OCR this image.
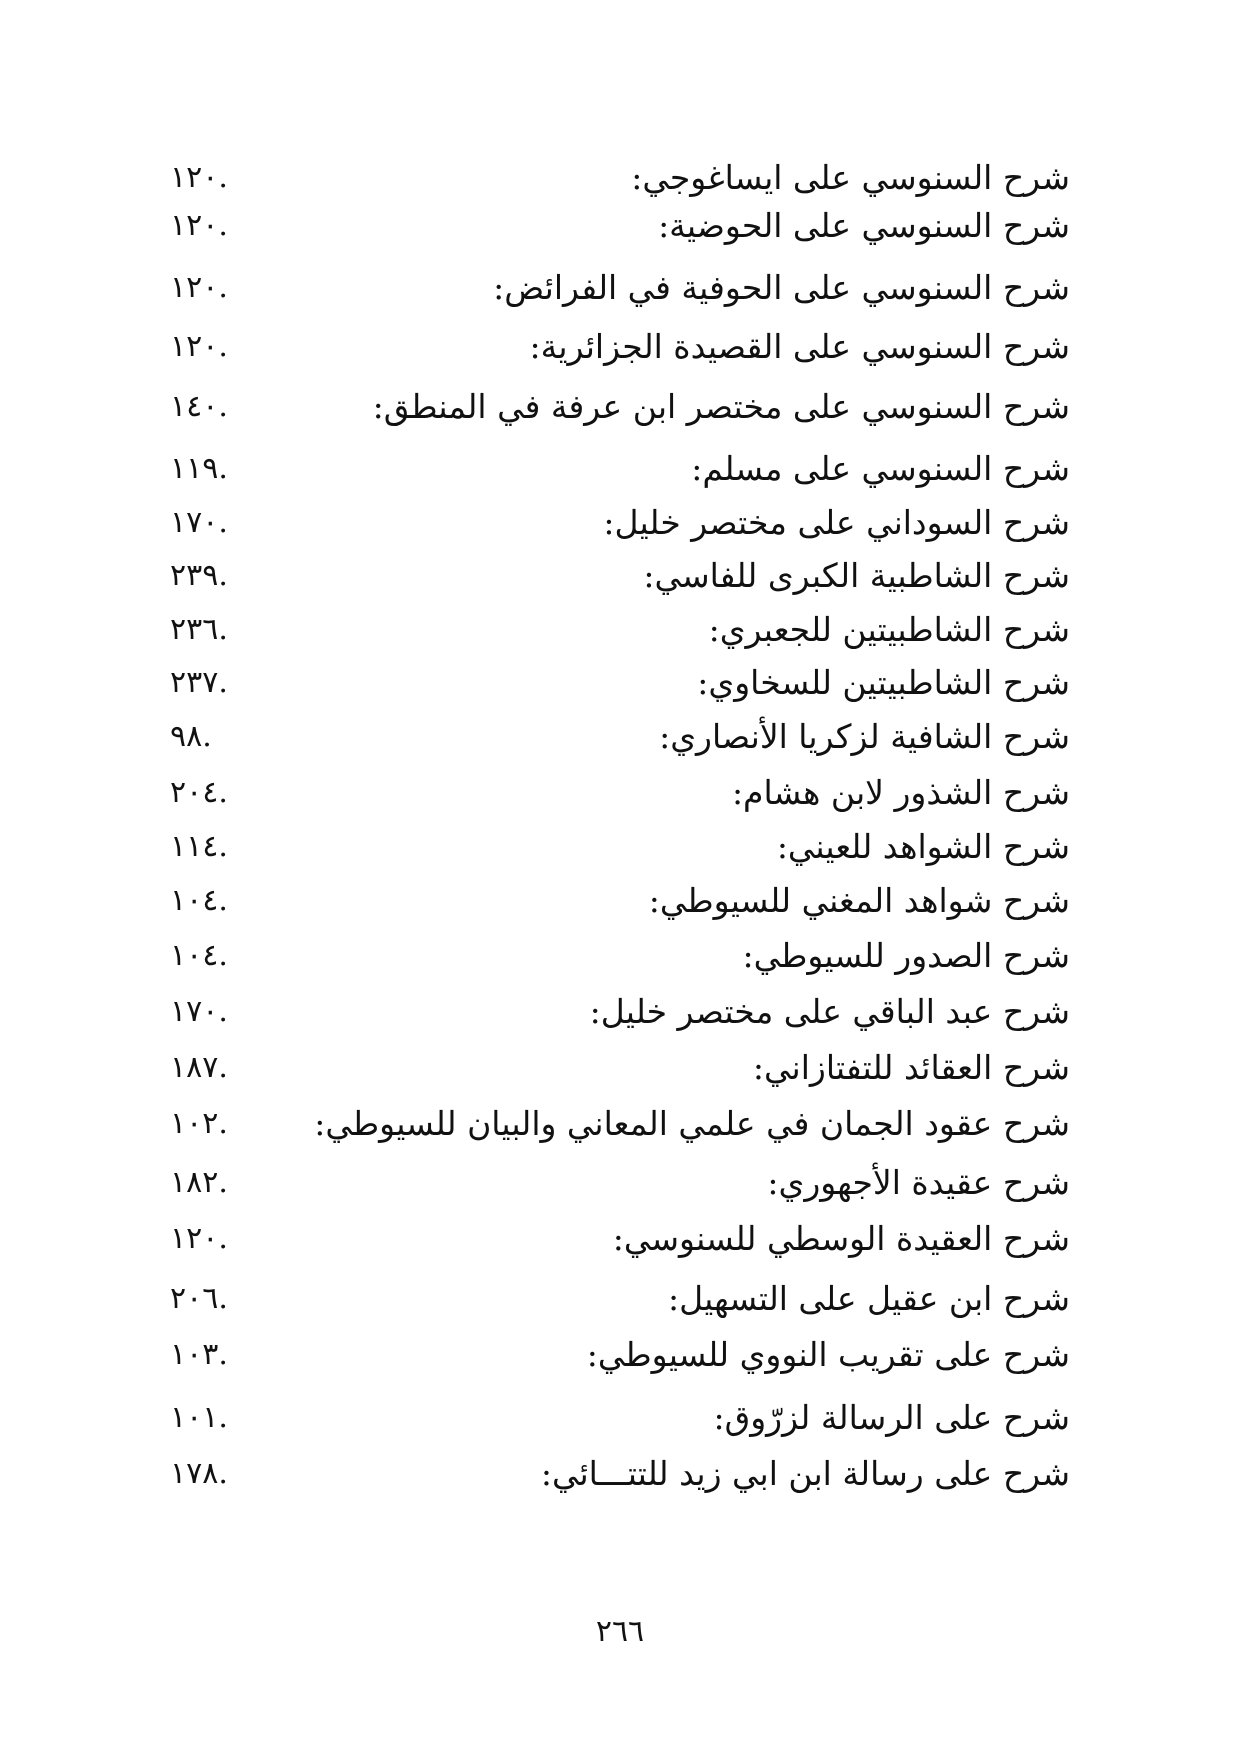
شرح السنوسي على ايساغوجي:
.١٢٠
شرح السنوسي على الحوضية:
.١٢٠
شرح السنوسي على الحوفية في الفرائض:
.١٢٠
شرح السنوسي على القصيدة الجزائرية:
.١٢٠
شرح السنوسي على مختصر ابن عرفة في المنطق:
.١٤٠
شرح السنوسي على مسلم:
.١١٩
شرح السوداني على مختصر خليل:
.١٧٠
شرح الشاطبية الكبرى للفاسي:
.٢٣٩
شرح الشاطبيتين للجعبري:
.٢٣٦
شرح الشاطبيتين للسخاوي:
.٢٣٧
شرح الشافية لزكريا الأنصاري:
.٩٨
شرح الشذور لابن هشام:
.٢٠٤
شرح الشواهد للعيني:
.١١٤
شرح شواهد المغني للسيوطي:
.١٠٤
شرح الصدور للسيوطي:
.١٠٤
شرح عبد الباقي على مختصر خليل:
.١٧٠
شرح العقائد للتفتازاني:
.١٨٧
شرح عقود الجمان في علمي المعاني والبيان للسيوطي:
.١٠٢
شرح عقيدة الأجهوري:
.١٨٢
شرح العقيدة الوسطي للسنوسي:
.١٢٠
شرح ابن عقيل على التسهيل:
.٢٠٦
شرح على تقريب النووي للسيوطي:
.١٠٣
شرح على الرسالة لزرّوق:
.١٠١
شرح على رسالة ابن ابي زيد للتتـــائي:
.١٧٨
٢٦٦
